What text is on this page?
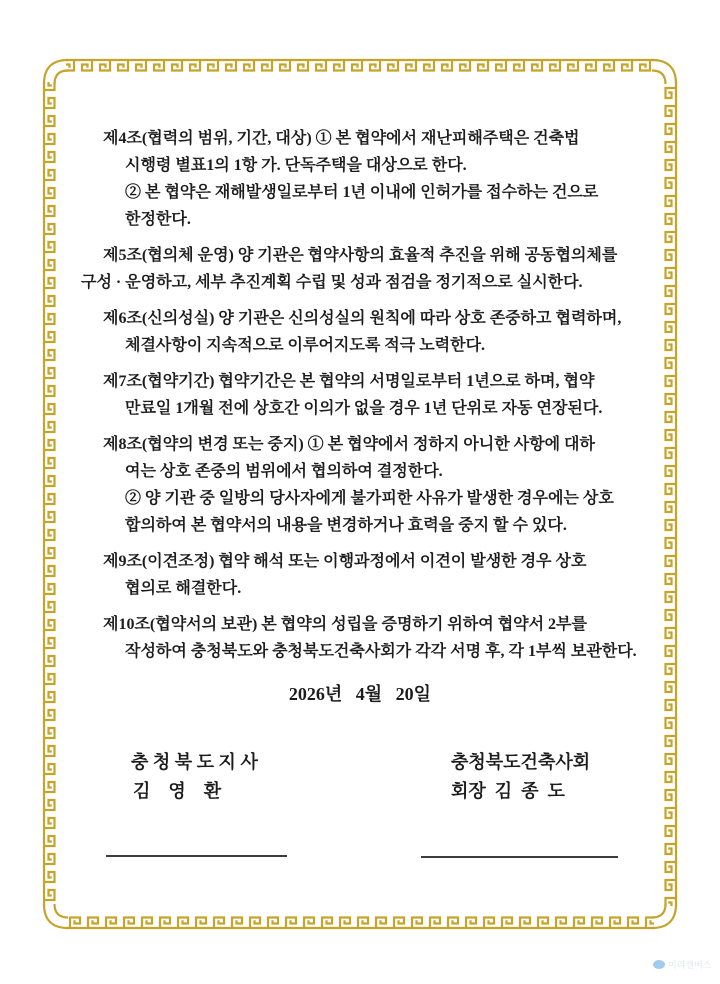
제4조(협력의 범위, 기간, 대상) ① 본 협약에서 재난피해주택은 건축법
시행령 별표1의 1항 가. 단독주택을 대상으로 한다.
② 본 협약은 재해발생일로부터 1년 이내에 인허가를 접수하는 건으로
한정한다.
제5조(협의체 운영) 양 기관은 협약사항의 효율적 추진을 위해 공동협의체를
구성 · 운영하고, 세부 추진계획 수립 및 성과 점검을 정기적으로 실시한다.
제6조(신의성실) 양 기관은 신의성실의 원칙에 따라 상호 존중하고 협력하며,
체결사항이 지속적으로 이루어지도록 적극 노력한다.
제7조(협약기간) 협약기간은 본 협약의 서명일로부터 1년으로 하며, 협약
만료일 1개월 전에 상호간 이의가 없을 경우 1년 단위로 자동 연장된다.
제8조(협약의 변경 또는 중지) ① 본 협약에서 정하지 아니한 사항에 대하
여는 상호 존중의 범위에서 협의하여 결정한다.
② 양 기관 중 일방의 당사자에게 불가피한 사유가 발생한 경우에는 상호
합의하여 본 협약서의 내용을 변경하거나 효력을 중지 할 수 있다.
제9조(이견조정) 협약 해석 또는 이행과정에서 이견이 발생한 경우 상호
협의로 해결한다.
제10조(협약서의 보관) 본 협약의 성립을 증명하기 위하여 협약서 2부를
작성하여 충청북도와 충청북도건축사회가 각각 서명 후, 각 1부씩 보관한다.
2026년   4월   20일
충 청 북 도 지 사
김    영    환
충청북도건축사회
회장  김  종  도
미리캔버스
